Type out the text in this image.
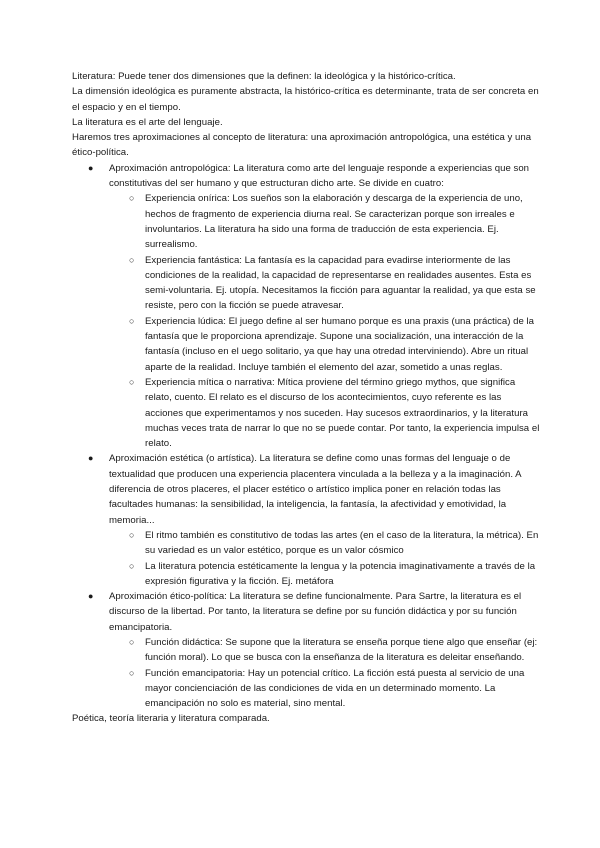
Literatura: Puede tener dos dimensiones que la definen: la ideológica y la histórico-crítica.

La dimensión ideológica es puramente abstracta, la histórico-crítica es determinante, trata de ser concreta en el espacio y en el tiempo.

La literatura es el arte del lenguaje.

Haremos tres aproximaciones al concepto de literatura: una aproximación antropológica, una estética y una ético-política.

● Aproximación antropológica: La literatura como arte del lenguaje responde a experiencias que son constitutivas del ser humano y que estructuran dicho arte. Se divide en cuatro:
○ Experiencia onírica: Los sueños son la elaboración y descarga de la experiencia de uno, hechos de fragmento de experiencia diurna real. Se caracterizan porque son irreales e involuntarios. La literatura ha sido una forma de traducción de esta experiencia. Ej. surrealismo.
○ Experiencia fantástica: La fantasía es la capacidad para evadirse interiormente de las condiciones de la realidad, la capacidad de representarse en realidades ausentes. Esta es semi-voluntaria. Ej. utopía. Necesitamos la ficción para aguantar la realidad, ya que esta se resiste, pero con la ficción se puede atravesar.
○ Experiencia lúdica: El juego define al ser humano porque es una praxis (una práctica) de la fantasía que le proporciona aprendizaje. Supone una socialización, una interacción de la fantasía (incluso en el uego solitario, ya que hay una otredad interviniendo). Abre un ritual aparte de la realidad. Incluye también el elemento del azar, sometido a unas reglas.
○ Experiencia mítica o narrativa: Mítica proviene del término griego mythos, que significa relato, cuento. El relato es el discurso de los acontecimientos, cuyo referente es las acciones que experimentamos y nos suceden. Hay sucesos extraordinarios, y la literatura muchas veces trata de narrar lo que no se puede contar. Por tanto, la experiencia impulsa el relato.
● Aproximación estética (o artística). La literatura se define como unas formas del lenguaje o de textualidad que producen una experiencia placentera vinculada a la belleza y a la imaginación. A diferencia de otros placeres, el placer estético o artístico implica poner en relación todas las facultades humanas: la sensibilidad, la inteligencia, la fantasía, la afectividad y emotividad, la memoria...
○ El ritmo también es constitutivo de todas las artes (en el caso de la literatura, la métrica). En su variedad es un valor estético, porque es un valor cósmico
○ La literatura potencia estéticamente la lengua y la potencia imaginativamente a través de la expresión figurativa y la ficción. Ej. metáfora
● Aproximación ético-política: La literatura se define funcionalmente. Para Sartre, la literatura es el discurso de la libertad. Por tanto, la literatura se define por su función didáctica y por su función emancipatoria.
○ Función didáctica: Se supone que la literatura se enseña porque tiene algo que enseñar (ej: función moral). Lo que se busca con la enseñanza de la literatura es deleitar enseñando.
○ Función emancipatoria: Hay un potencial crítico. La ficción está puesta al servicio de una mayor concienciación de las condiciones de vida en un determinado momento. La emancipación no solo es material, sino mental.

Poética, teoría literaria y literatura comparada.
